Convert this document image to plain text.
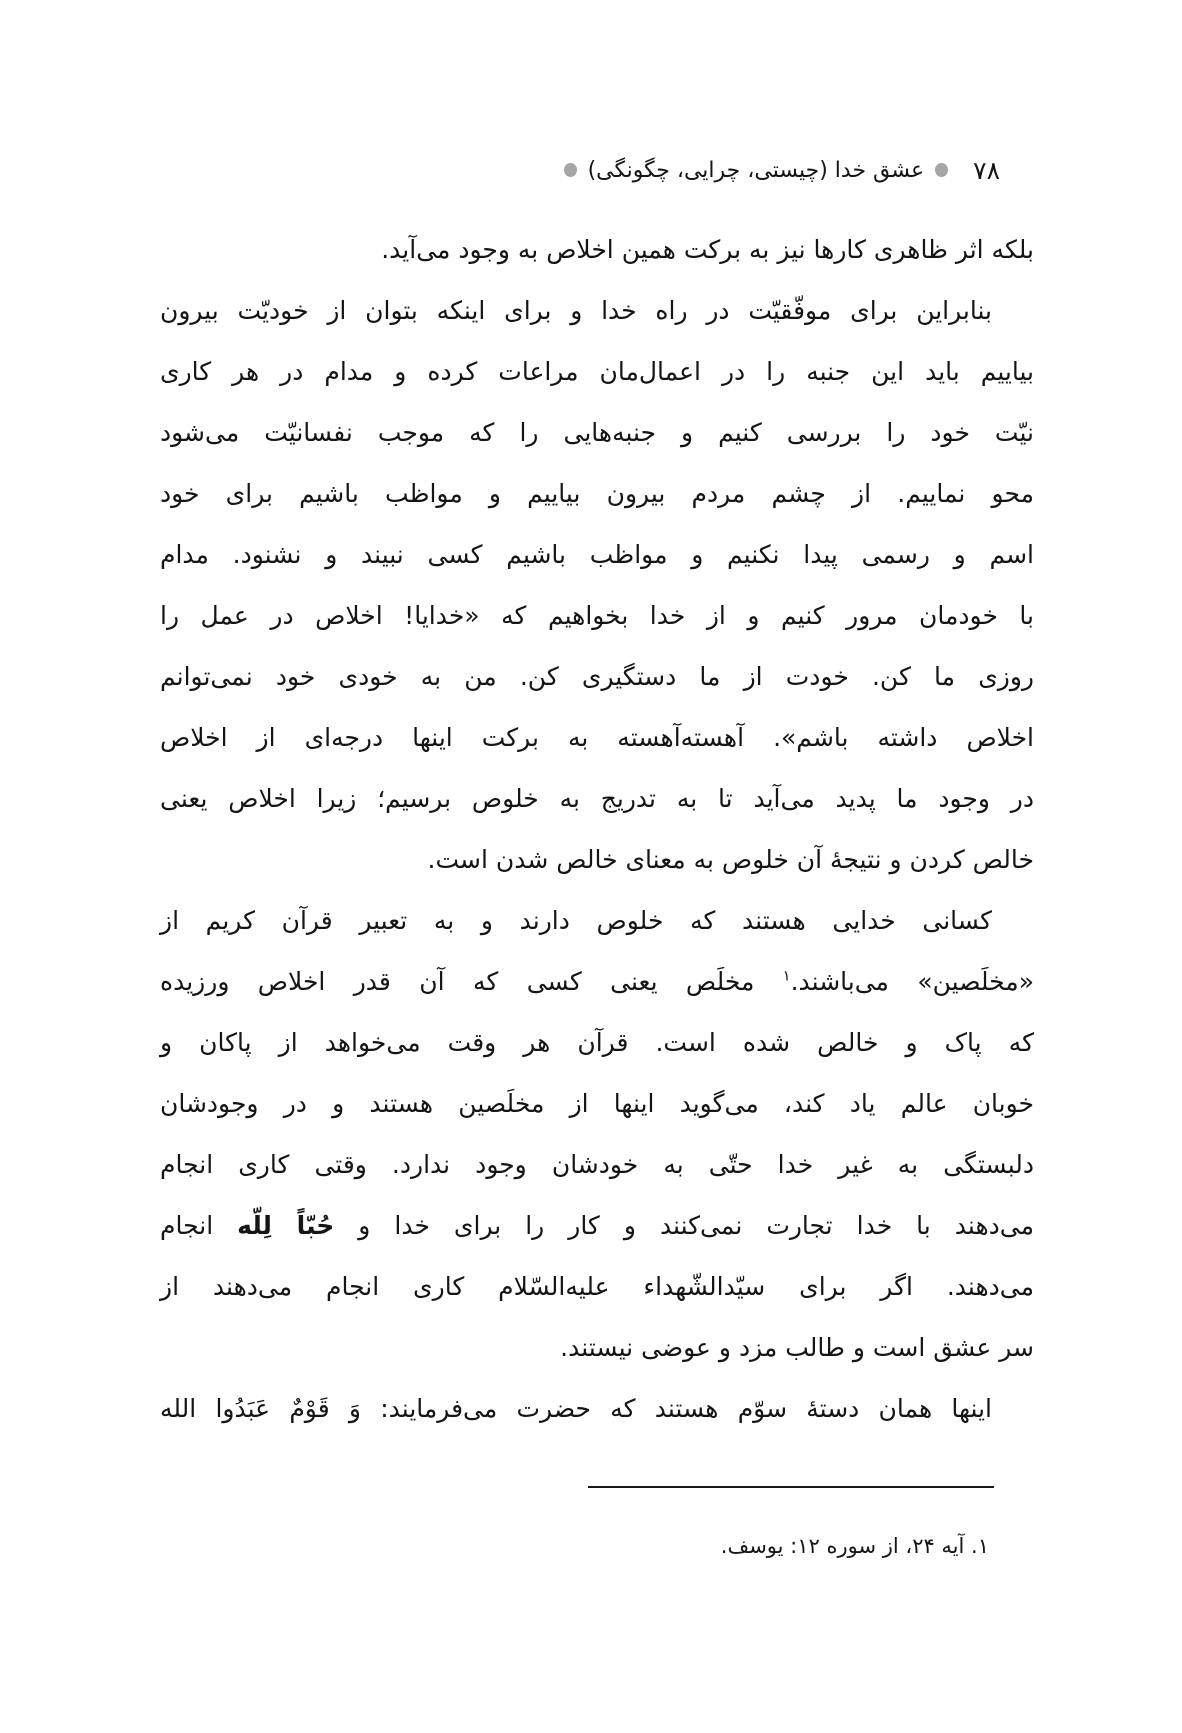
۷۸
عشق خدا (چیستی، چرایی، چگونگی)
بلکه اثر ظاهری کارها نیز به برکت همین اخلاص به وجود می‌آید.
بنابراین برای موفّقیّت در راه خدا و برای اینکه بتوان از خودیّت بیرون
بیاییم باید این جنبه را در اعمال‌مان مراعات کرده و مدام در هر کاری
نیّت خود را بررسی کنیم و جنبه‌هایی را که موجب نفسانیّت می‌شود
محو نماییم. از چشم مردم بیرون بیاییم و مواظب باشیم برای خود
اسم و رسمی پیدا نکنیم و مواظب باشیم کسی نبیند و نشنود. مدام
با خودمان مرور کنیم و از خدا بخواهیم که «خدایا! اخلاص در عمل را
روزی ما کن. خودت از ما دستگیری کن. من به خودی خود نمی‌توانم
اخلاص داشته باشم». آهسته‌آهسته به برکت اینها درجه‌ای از اخلاص
در وجود ما پدید می‌آید تا به تدریج به خلوص برسیم؛ زیرا اخلاص یعنی
خالص کردن و نتیجهٔ آن خلوص به معنای خالص شدن است.
کسانی خدایی هستند که خلوص دارند و به تعبیر قرآن کریم از
«مخلَصین» می‌باشند.$^۱$ مخلَص یعنی کسی که آن قدر اخلاص ورزیده
که پاک و خالص شده است. قرآن هر وقت می‌خواهد از پاکان و
خوبان عالم یاد کند، می‌گوید اینها از مخلَصین هستند و در وجودشان
دلبستگی به غیر خدا حتّی به خودشان وجود ندارد. وقتی کاری انجام
می‌دهند با خدا تجارت نمی‌کنند و کار را برای خدا و حُبّاً لِلّه انجام
می‌دهند. اگر برای سیّدالشّهداء علیه‌السّلام کاری انجام می‌دهند از
سر عشق است و طالب مزد و عوضی نیستند.
اینها همان دستهٔ سوّم هستند که حضرت می‌فرمایند: وَ قَوْمٌ عَبَدُوا الله
۱. آیه ۲۴، از سوره ۱۲: یوسف.
